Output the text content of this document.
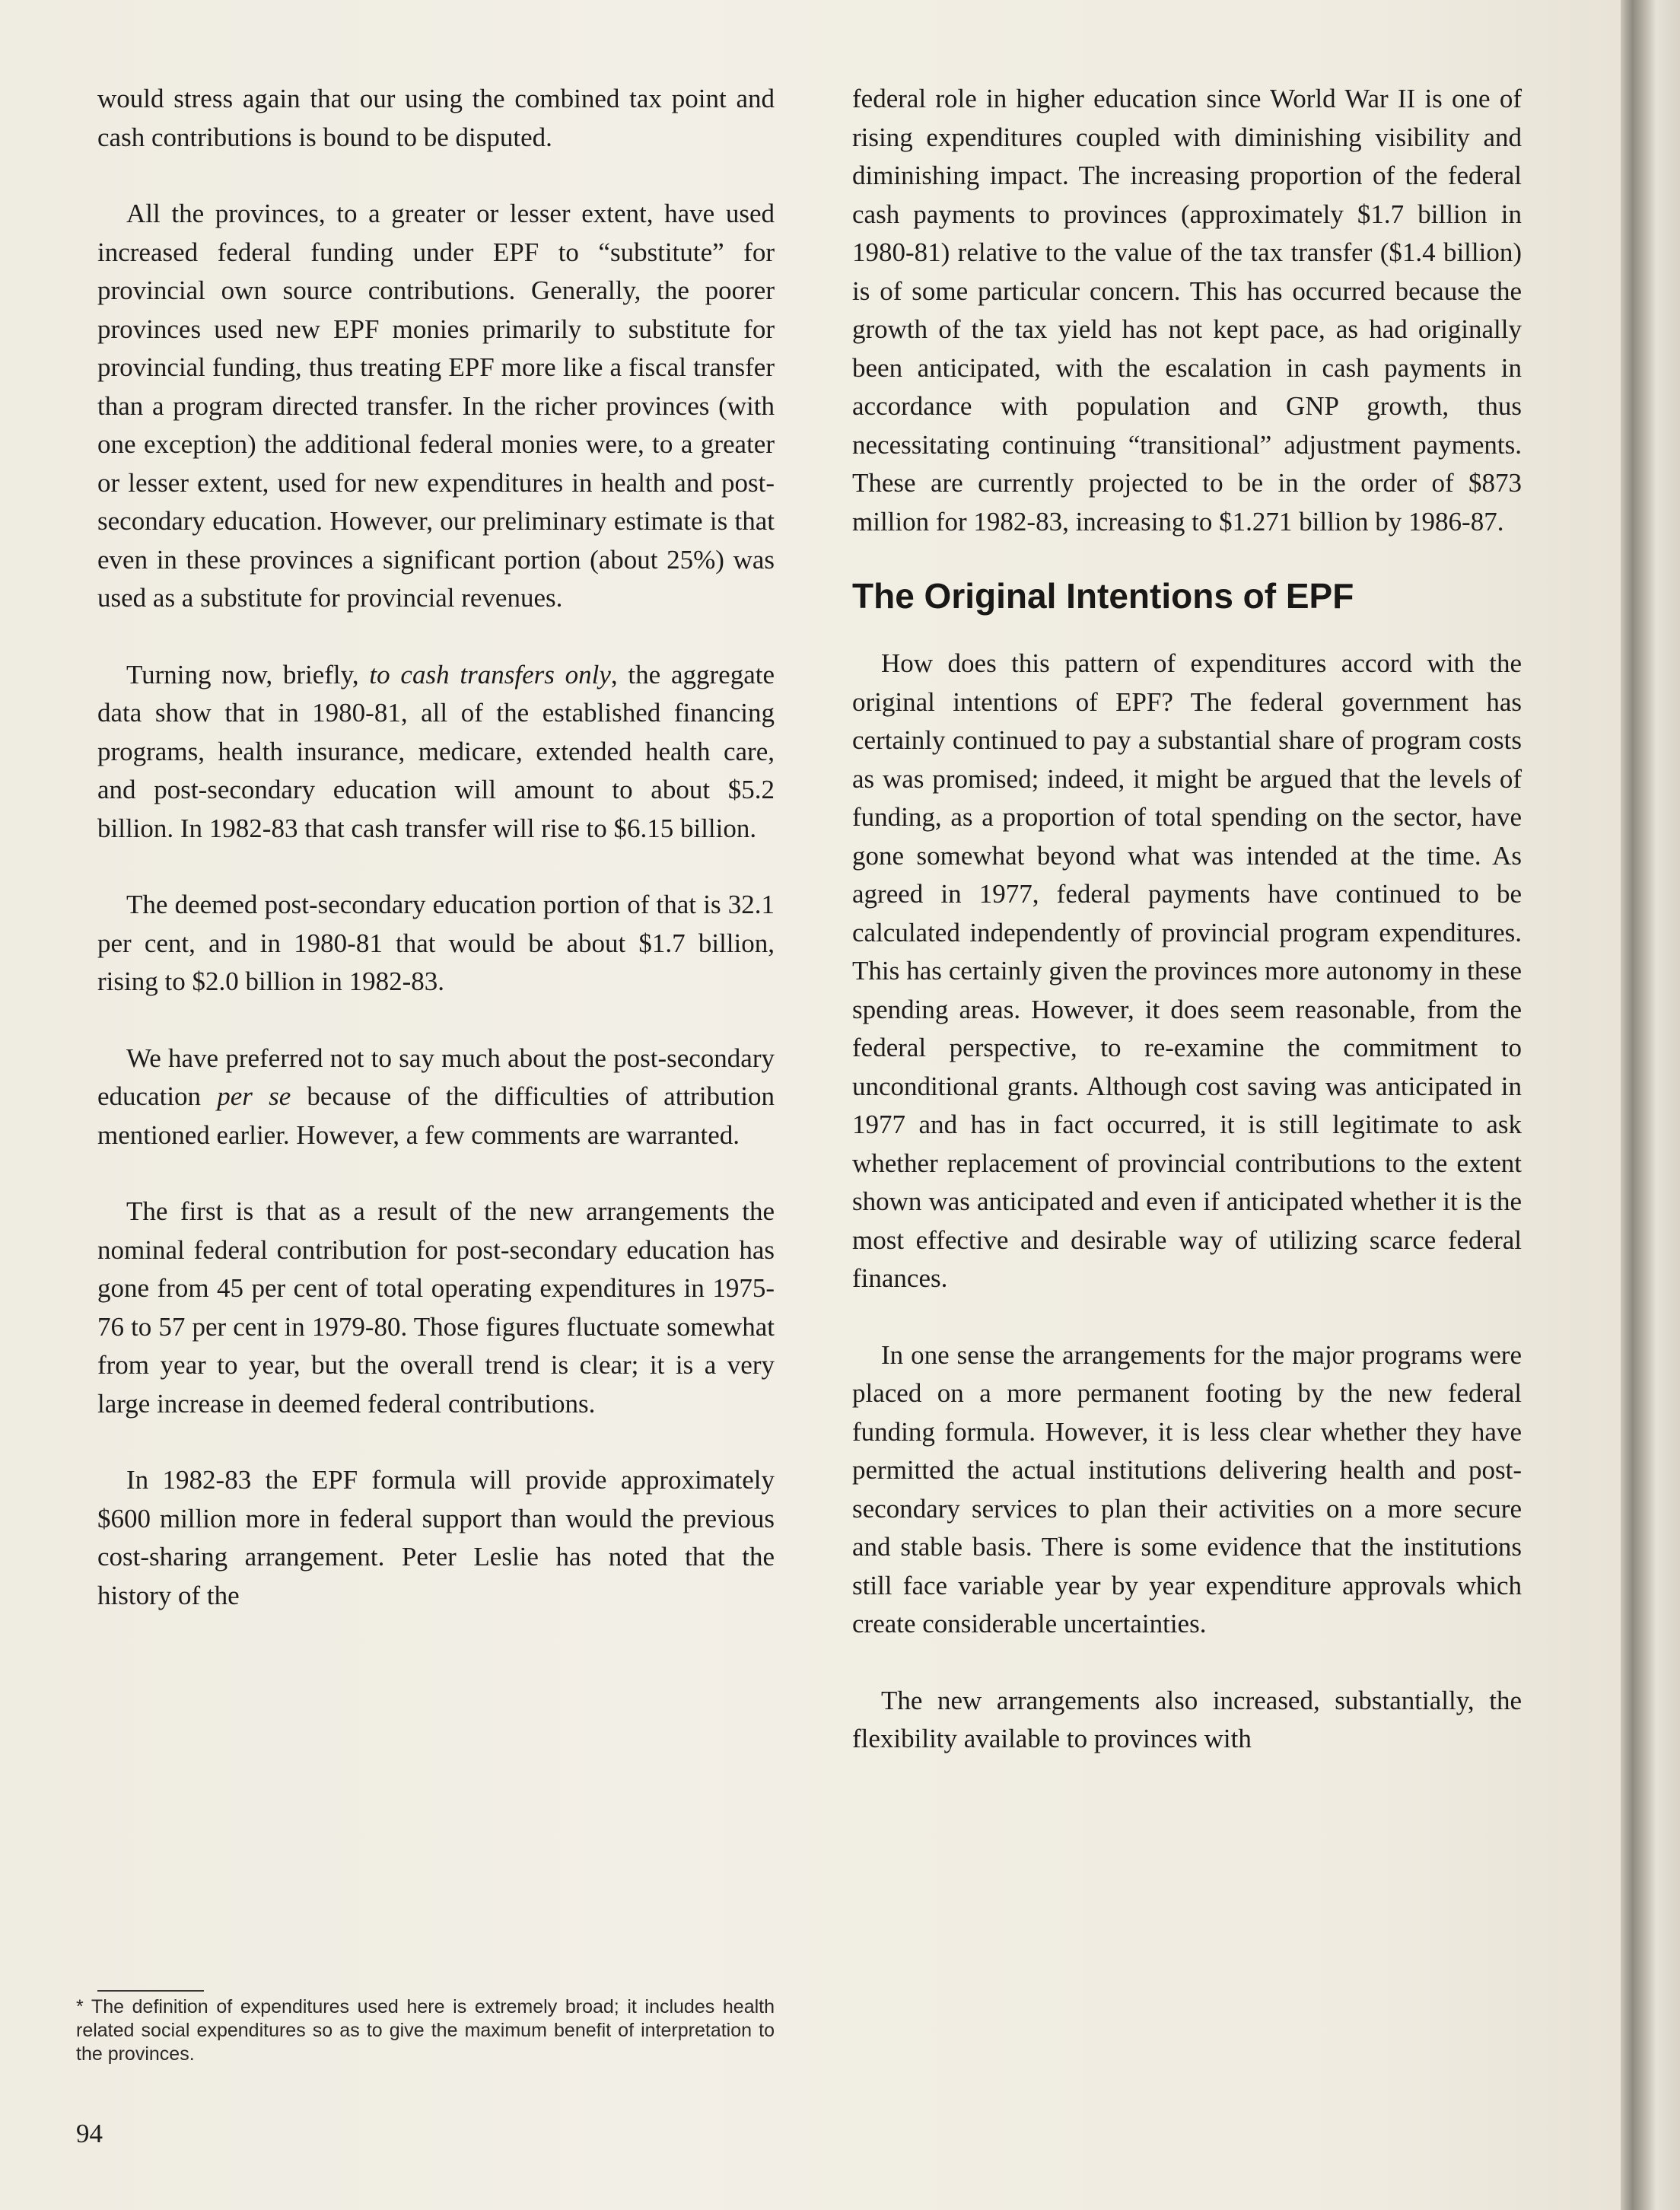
would stress again that our using the combined tax point and cash contributions is bound to be disputed.

All the provinces, to a greater or lesser extent, have used increased federal funding under EPF to “substitute” for provincial own source contributions. Generally, the poorer provinces used new EPF monies primarily to substitute for provincial funding, thus treating EPF more like a fiscal transfer than a program directed transfer. In the richer provinces (with one exception) the additional federal monies were, to a greater or lesser extent, used for new expenditures in health and post-secondary education. However, our preliminary estimate is that even in these provinces a significant portion (about 25%) was used as a substitute for provincial revenues.

Turning now, briefly, to cash transfers only, the aggregate data show that in 1980-81, all of the established financing programs, health insurance, medicare, extended health care, and post-secondary education will amount to about $5.2 billion. In 1982-83 that cash transfer will rise to $6.15 billion.

The deemed post-secondary education portion of that is 32.1 per cent, and in 1980-81 that would be about $1.7 billion, rising to $2.0 billion in 1982-83.

We have preferred not to say much about the post-secondary education per se because of the difficulties of attribution mentioned earlier. However, a few comments are warranted.

The first is that as a result of the new arrangements the nominal federal contribution for post-secondary education has gone from 45 per cent of total operating expenditures in 1975-76 to 57 per cent in 1979-80. Those figures fluctuate somewhat from year to year, but the overall trend is clear; it is a very large increase in deemed federal contributions.

In 1982-83 the EPF formula will provide approximately $600 million more in federal support than would the previous cost-sharing arrangement. Peter Leslie has noted that the history of the

federal role in higher education since World War II is one of rising expenditures coupled with diminishing visibility and diminishing impact. The increasing proportion of the federal cash payments to provinces (approximately $1.7 billion in 1980-81) relative to the value of the tax transfer ($1.4 billion) is of some particular concern. This has occurred because the growth of the tax yield has not kept pace, as had originally been anticipated, with the escalation in cash payments in accordance with population and GNP growth, thus necessitating continuing “transitional” adjustment payments. These are currently projected to be in the order of $873 million for 1982-83, increasing to $1.271 billion by 1986-87.

The Original Intentions of EPF

How does this pattern of expenditures accord with the original intentions of EPF? The federal government has certainly continued to pay a substantial share of program costs as was promised; indeed, it might be argued that the levels of funding, as a proportion of total spending on the sector, have gone somewhat beyond what was intended at the time. As agreed in 1977, federal payments have continued to be calculated independently of provincial program expenditures. This has certainly given the provinces more autonomy in these spending areas. However, it does seem reasonable, from the federal perspective, to re-examine the commitment to unconditional grants. Although cost saving was anticipated in 1977 and has in fact occurred, it is still legitimate to ask whether replacement of provincial contributions to the extent shown was anticipated and even if anticipated whether it is the most effective and desirable way of utilizing scarce federal finances.

In one sense the arrangements for the major programs were placed on a more permanent footing by the new federal funding formula. However, it is less clear whether they have permitted the actual institutions delivering health and post-secondary services to plan their activities on a more secure and stable basis. There is some evidence that the institutions still face variable year by year expenditure approvals which create considerable uncertainties.

The new arrangements also increased, substantially, the flexibility available to provinces with

* The definition of expenditures used here is extremely broad; it includes health related social expenditures so as to give the maximum benefit of interpretation to the provinces.
94
